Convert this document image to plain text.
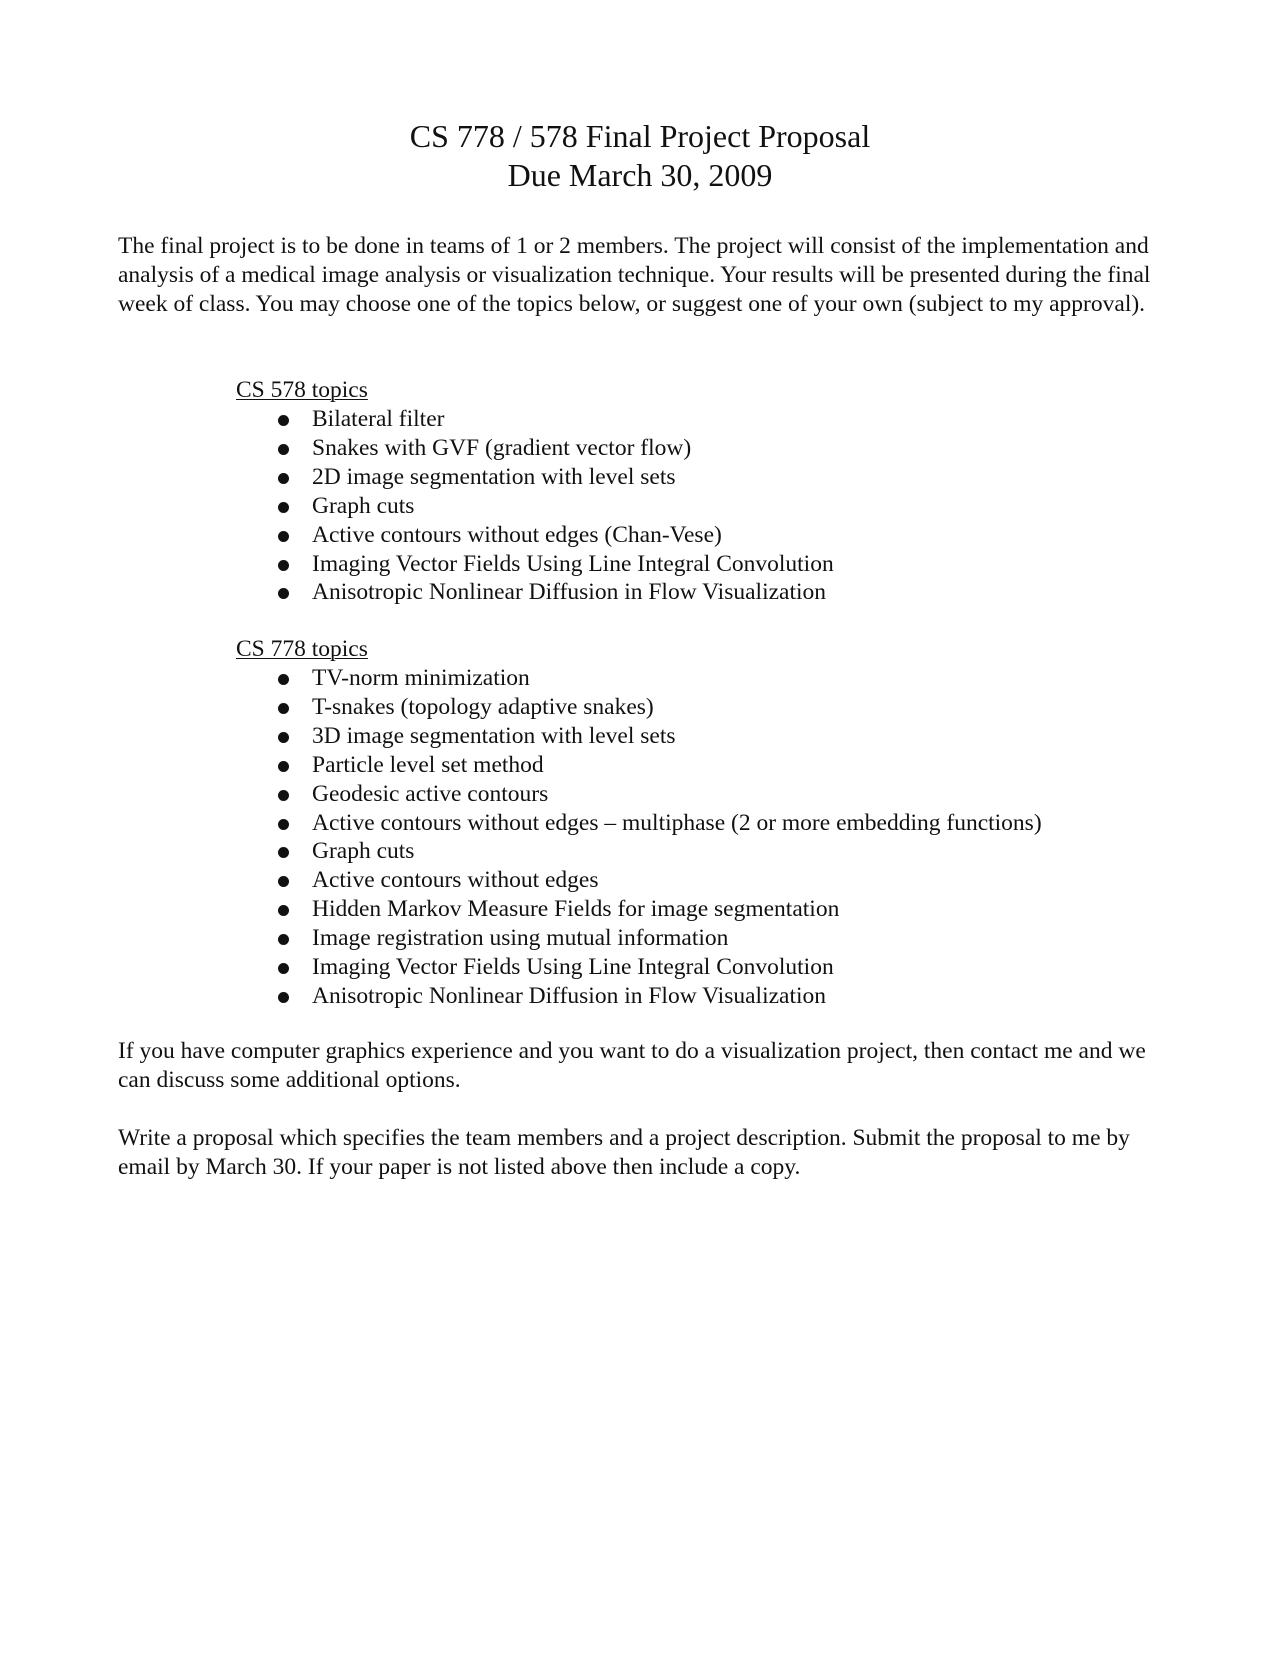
CS 778 / 578 Final Project Proposal
Due March 30, 2009

The final project is to be done in teams of 1 or 2 members. The project will consist of the implementation and analysis of a medical image analysis or visualization technique. Your results will be presented during the final week of class. You may choose one of the topics below, or suggest one of your own (subject to my approval).

CS 578 topics

Bilateral filter
Snakes with GVF (gradient vector flow)
2D image segmentation with level sets
Graph cuts
Active contours without edges (Chan-Vese)
Imaging Vector Fields Using Line Integral Convolution
Anisotropic Nonlinear Diffusion in Flow Visualization

CS 778 topics

TV-norm minimization
T-snakes (topology adaptive snakes)
3D image segmentation with level sets
Particle level set method
Geodesic active contours
Active contours without edges – multiphase (2 or more embedding functions)
Graph cuts
Active contours without edges
Hidden Markov Measure Fields for image segmentation
Image registration using mutual information
Imaging Vector Fields Using Line Integral Convolution
Anisotropic Nonlinear Diffusion in Flow Visualization

If you have computer graphics experience and you want to do a visualization project, then contact me and we can discuss some additional options.

Write a proposal which specifies the team members and a project description. Submit the proposal to me by email by March 30. If your paper is not listed above then include a copy.
